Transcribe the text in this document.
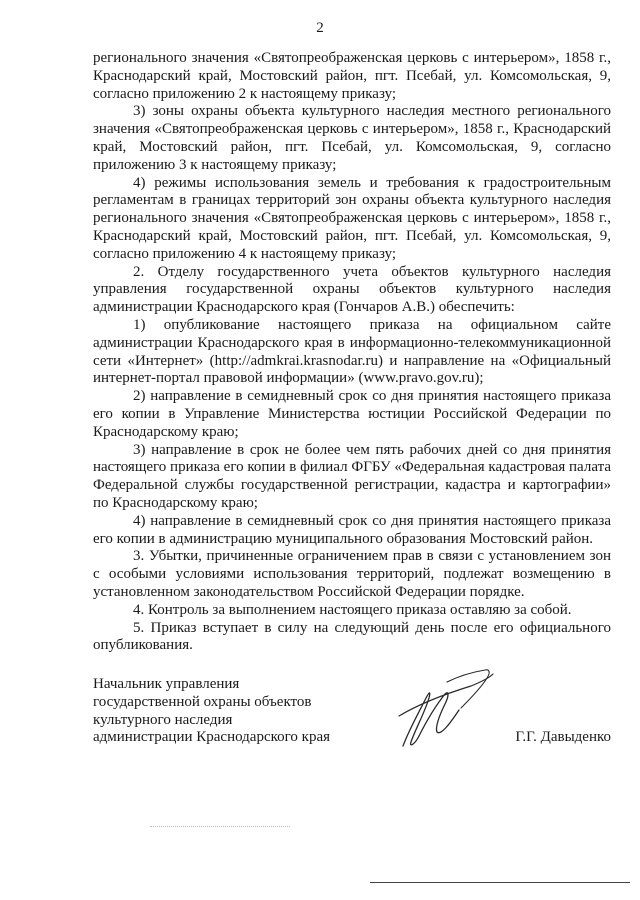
2

регионального значения «Святопреображенская церковь с интерьером», 1858 г., Краснодарский край, Мостовский район, пгт. Псебай, ул. Комсомольская, 9, согласно приложению 2 к настоящему приказу;

3) зоны охраны объекта культурного наследия местного регионального значения «Святопреображенская церковь с интерьером», 1858 г., Краснодарский край, Мостовский район, пгт. Псебай, ул. Комсомольская, 9, согласно приложению 3 к настоящему приказу;

4) режимы использования земель и требования к градостроительным регламентам в границах территорий зон охраны объекта культурного наследия регионального значения «Святопреображенская церковь с интерьером», 1858 г., Краснодарский край, Мостовский район, пгт. Псебай, ул. Комсомольская, 9, согласно приложению 4 к настоящему приказу;

2. Отделу государственного учета объектов культурного наследия управления государственной охраны объектов культурного наследия администрации Краснодарского края (Гончаров А.В.) обеспечить:

1) опубликование настоящего приказа на официальном сайте администрации Краснодарского края в информационно-телекоммуникационной сети «Интернет» (http://admkrai.krasnodar.ru) и направление на «Официальный интернет-портал правовой информации» (www.pravo.gov.ru);

2) направление в семидневный срок со дня принятия настоящего приказа его копии в Управление Министерства юстиции Российской Федерации по Краснодарскому краю;

3) направление в срок не более чем пять рабочих дней со дня принятия настоящего приказа его копии в филиал ФГБУ «Федеральная кадастровая палата Федеральной службы государственной регистрации, кадастра и картографии» по Краснодарскому краю;

4) направление в семидневный срок со дня принятия настоящего приказа его копии в администрацию муниципального образования Мостовский район.

3. Убытки, причиненные ограничением прав в связи с установлением зон с особыми условиями использования территорий, подлежат возмещению в установленном законодательством Российской Федерации порядке.

4. Контроль за выполнением настоящего приказа оставляю за собой.

5. Приказ вступает в силу на следующий день после его официального опубликования.

Начальник управления
государственной охраны объектов
культурного наследия
администрации Краснодарского края	Г.Г. Давыденко
